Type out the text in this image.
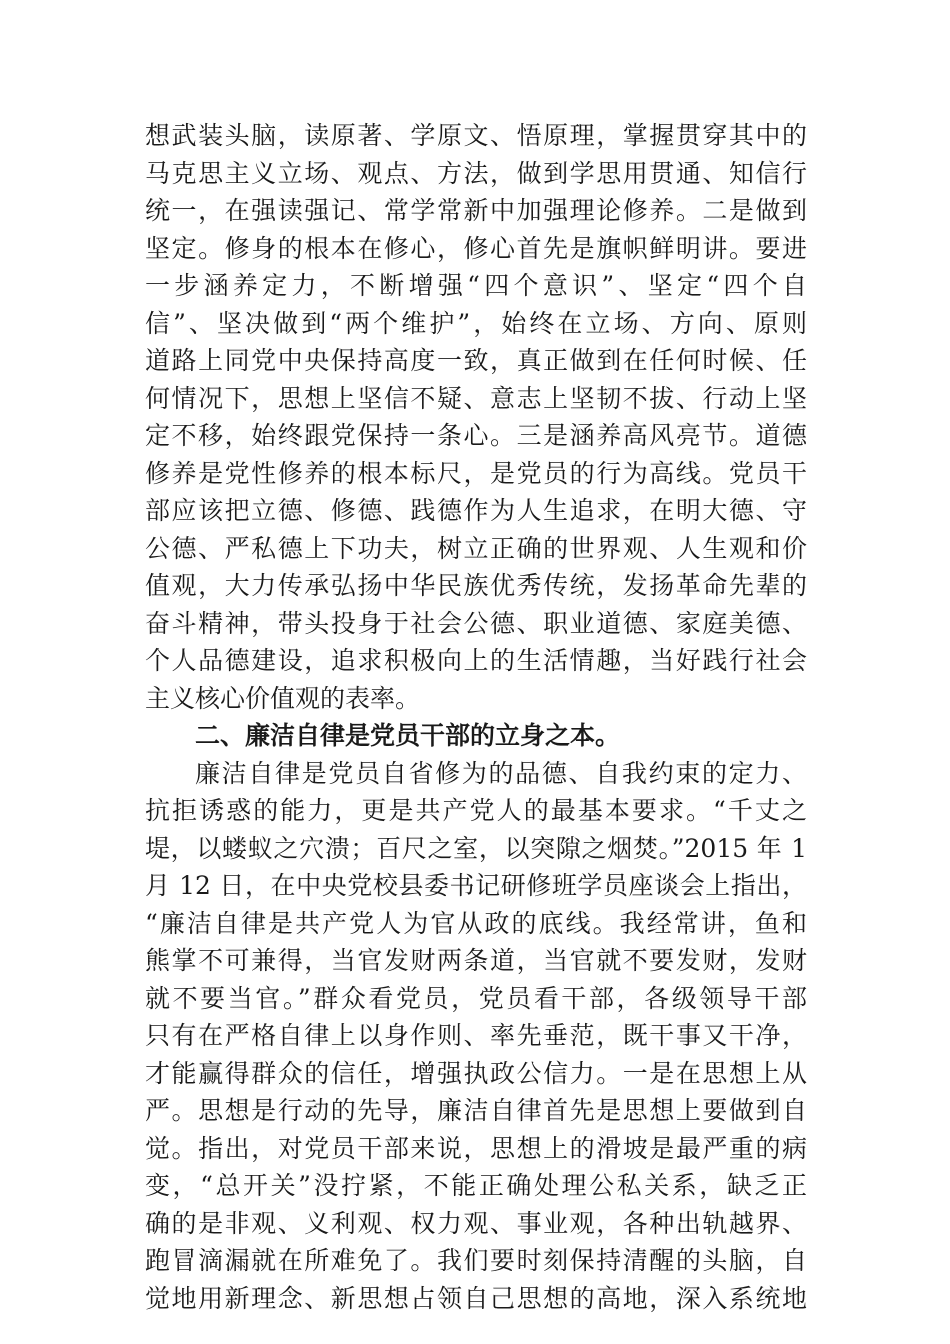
想武装头脑，读原著、学原文、悟原理，掌握贯穿其中的
马克思主义立场、观点、方法，做到学思用贯通、知信行
统一，在强读强记、常学常新中加强理论修养。二是做到
坚定。修身的根本在修心，修心首先是旗帜鲜明讲。要进
一步涵养定力，不断增强“四个意识”、坚定“四个自
信”、坚决做到“两个维护”，始终在立场、方向、原则
道路上同党中央保持高度一致，真正做到在任何时候、任
何情况下，思想上坚信不疑、意志上坚韧不拔、行动上坚
定不移，始终跟党保持一条心。三是涵养高风亮节。道德
修养是党性修养的根本标尺，是党员的行为高线。党员干
部应该把立德、修德、践德作为人生追求，在明大德、守
公德、严私德上下功夫，树立正确的世界观、人生观和价
值观，大力传承弘扬中华民族优秀传统，发扬革命先辈的
奋斗精神，带头投身于社会公德、职业道德、家庭美德、
个人品德建设，追求积极向上的生活情趣，当好践行社会
主义核心价值观的表率。
二、廉洁自律是党员干部的立身之本。
廉洁自律是党员自省修为的品德、自我约束的定力、
抗拒诱惑的能力，更是共产党人的最基本要求。“千丈之
堤，以蝼蚁之穴溃；百尺之室，以突隙之烟焚。”2015 年 1
月 12 日，在中央党校县委书记研修班学员座谈会上指出，
“廉洁自律是共产党人为官从政的底线。我经常讲，鱼和
熊掌不可兼得，当官发财两条道，当官就不要发财，发财
就不要当官。”群众看党员，党员看干部，各级领导干部
只有在严格自律上以身作则、率先垂范，既干事又干净，
才能赢得群众的信任，增强执政公信力。一是在思想上从
严。思想是行动的先导，廉洁自律首先是思想上要做到自
觉。指出，对党员干部来说，思想上的滑坡是最严重的病
变，“总开关”没拧紧，不能正确处理公私关系，缺乏正
确的是非观、义利观、权力观、事业观，各种出轨越界、
跑冒滴漏就在所难免了。我们要时刻保持清醒的头脑，自
觉地用新理念、新思想占领自己思想的高地，深入系统地
